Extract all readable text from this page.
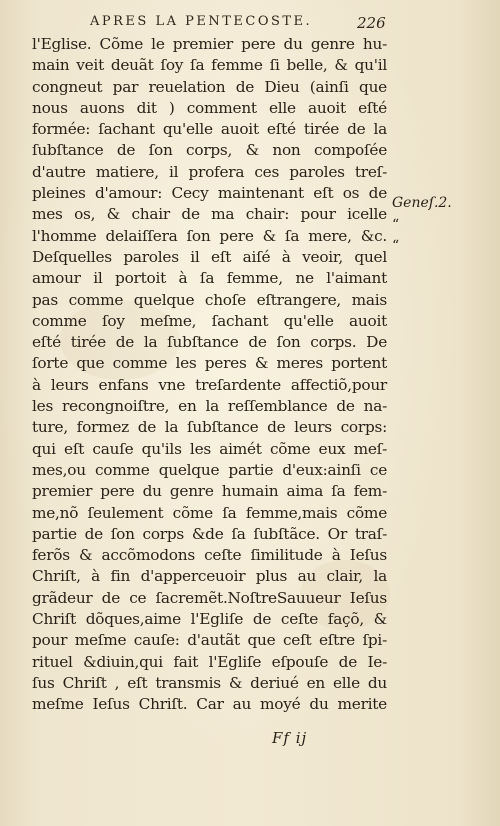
APRES LA PENTECOSTE.	226
l'Eglise. Cõme le premier pere du genre hu-
main veit deuãt ſoy ſa femme ſi belle, & qu'il
congneut par reuelation de Dieu (ainſi que
nous auons dit ) comment elle auoit eſté
formée: ſachant qu'elle auoit eſté tirée de la
ſubſtance de ſon corps, & non compoſée
d'autre matiere, il profera ces paroles treſ-
pleines d'amour: Cecy maintenant eſt os de
mes os, & chair de ma chair: pour icelle
l'homme delaiſſera ſon pere & ſa mere, &c.
Deſquelles paroles il eſt aiſé à veoir, quel
amour il portoit à ſa femme, ne l'aimant
pas comme quelque choſe eſtrangere, mais
comme ſoy meſme, ſachant qu'elle auoit
eſté tirée de la ſubſtance de ſon corps. De
ſorte que comme les peres & meres portent
à leurs enfans vne treſardente affectiõ,pour
les recongnoiſtre, en la reſſemblance de na-
ture, formez de la ſubſtance de leurs corps:
qui eſt cauſe qu'ils les aimét cõme eux meſ-
mes,ou comme quelque partie d'eux:ainſi ce
premier pere du genre humain aima ſa fem-
me,nõ ſeulement cõme ſa femme,mais cõme
partie de ſon corps &de ſa ſubſtãce. Or traſ-
ferõs & accõmodons ceſte ſimilitude à Ieſus
Chriſt, à fin d'apperceuoir plus au clair, la
grãdeur de ce ſacremẽt.NoſtreSauueur Ieſus
Chriſt dõques,aime l'Egliſe de ceſte façõ, &
pour meſme cauſe: d'autãt que ceſt eſtre ſpi-
rituel &diuin,qui fait l'Egliſe eſpouſe de Ie-
ſus Chriſt , eſt transmis & deriué en elle du
meſme Ieſus Chriſt. Car au moyé du merite
Geneſ.2.
“
“
Ff ij
